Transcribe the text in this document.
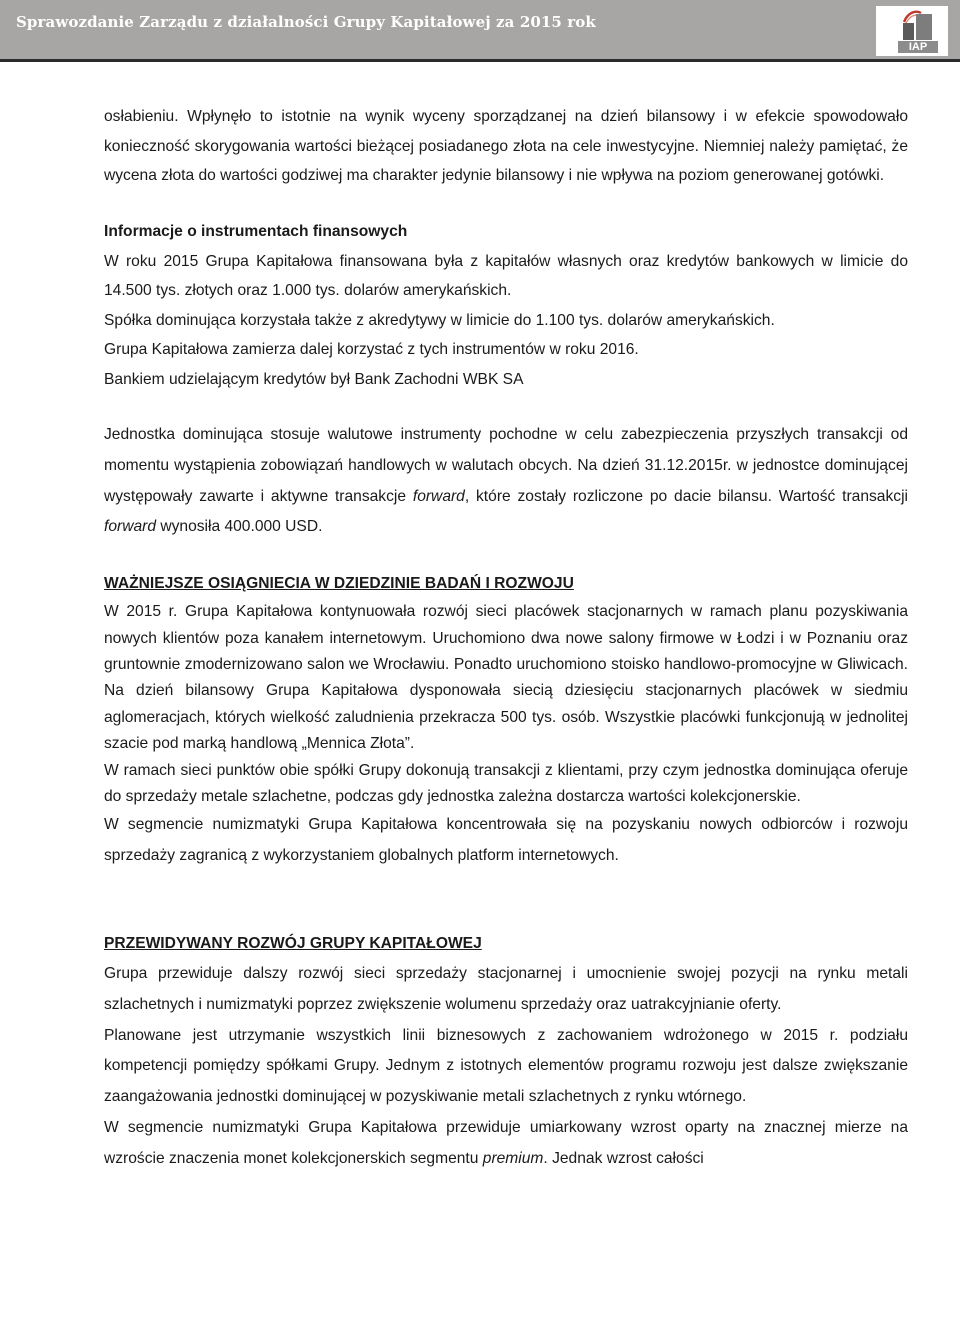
Sprawozdanie Zarządu z działalności Grupy Kapitałowej za 2015 rok
IAP

osłabieniu. Wpłynęło to istotnie na wynik wyceny sporządzanej na dzień bilansowy i w efekcie spowodowało konieczność skorygowania wartości bieżącej posiadanego złota na cele inwestycyjne. Niemniej należy pamiętać, że wycena złota do wartości godziwej ma charakter jedynie bilansowy i nie wpływa na poziom generowanej gotówki.

Informacje o instrumentach finansowych

W roku 2015 Grupa Kapitałowa finansowana była z kapitałów własnych oraz kredytów bankowych w limicie do 14.500 tys. złotych oraz 1.000 tys. dolarów amerykańskich.

Spółka dominująca korzystała także z akredytywy w limicie do 1.100 tys. dolarów amerykańskich.

Grupa Kapitałowa zamierza dalej korzystać z tych instrumentów w roku 2016.

Bankiem udzielającym kredytów był Bank Zachodni WBK SA

Jednostka dominująca stosuje walutowe instrumenty pochodne w celu zabezpieczenia przyszłych transakcji od momentu wystąpienia zobowiązań handlowych w walutach obcych. Na dzień 31.12.2015r. w jednostce dominującej występowały zawarte i aktywne transakcje forward, które zostały rozliczone po dacie bilansu. Wartość transakcji forward wynosiła 400.000 USD.

WAŻNIEJSZE OSIĄGNIECIA W DZIEDZINIE BADAŃ I ROZWOJU

W 2015 r. Grupa Kapitałowa kontynuowała rozwój sieci placówek stacjonarnych w ramach planu pozyskiwania nowych klientów poza kanałem internetowym. Uruchomiono dwa nowe salony firmowe w Łodzi i w Poznaniu oraz gruntownie zmodernizowano salon we Wrocławiu. Ponadto uruchomiono stoisko handlowo-promocyjne w Gliwicach. Na dzień bilansowy Grupa Kapitałowa dysponowała siecią dziesięciu stacjonarnych placówek w siedmiu aglomeracjach, których wielkość zaludnienia przekracza 500 tys. osób. Wszystkie placówki funkcjonują w jednolitej szacie pod marką handlową „Mennica Złota”.

W ramach sieci punktów obie spółki Grupy dokonują transakcji z klientami, przy czym jednostka dominująca oferuje do sprzedaży metale szlachetne, podczas gdy jednostka zależna dostarcza wartości kolekcjonerskie.

W segmencie numizmatyki Grupa Kapitałowa koncentrowała się na pozyskaniu nowych odbiorców i rozwoju sprzedaży zagranicą z wykorzystaniem globalnych platform internetowych.

PRZEWIDYWANY ROZWÓJ GRUPY KAPITAŁOWEJ

Grupa przewiduje dalszy rozwój sieci sprzedaży stacjonarnej i umocnienie swojej pozycji na rynku metali szlachetnych i numizmatyki poprzez zwiększenie wolumenu sprzedaży oraz uatrakcyjnianie oferty.

Planowane jest utrzymanie wszystkich linii biznesowych z zachowaniem wdrożonego w 2015 r. podziału kompetencji pomiędzy spółkami Grupy. Jednym z istotnych elementów programu rozwoju jest dalsze zwiększanie zaangażowania jednostki dominującej w pozyskiwanie metali szlachetnych z rynku wtórnego.

W segmencie numizmatyki Grupa Kapitałowa przewiduje umiarkowany wzrost oparty na znacznej mierze na wzroście znaczenia monet kolekcjonerskich segmentu premium. Jednak wzrost całości
